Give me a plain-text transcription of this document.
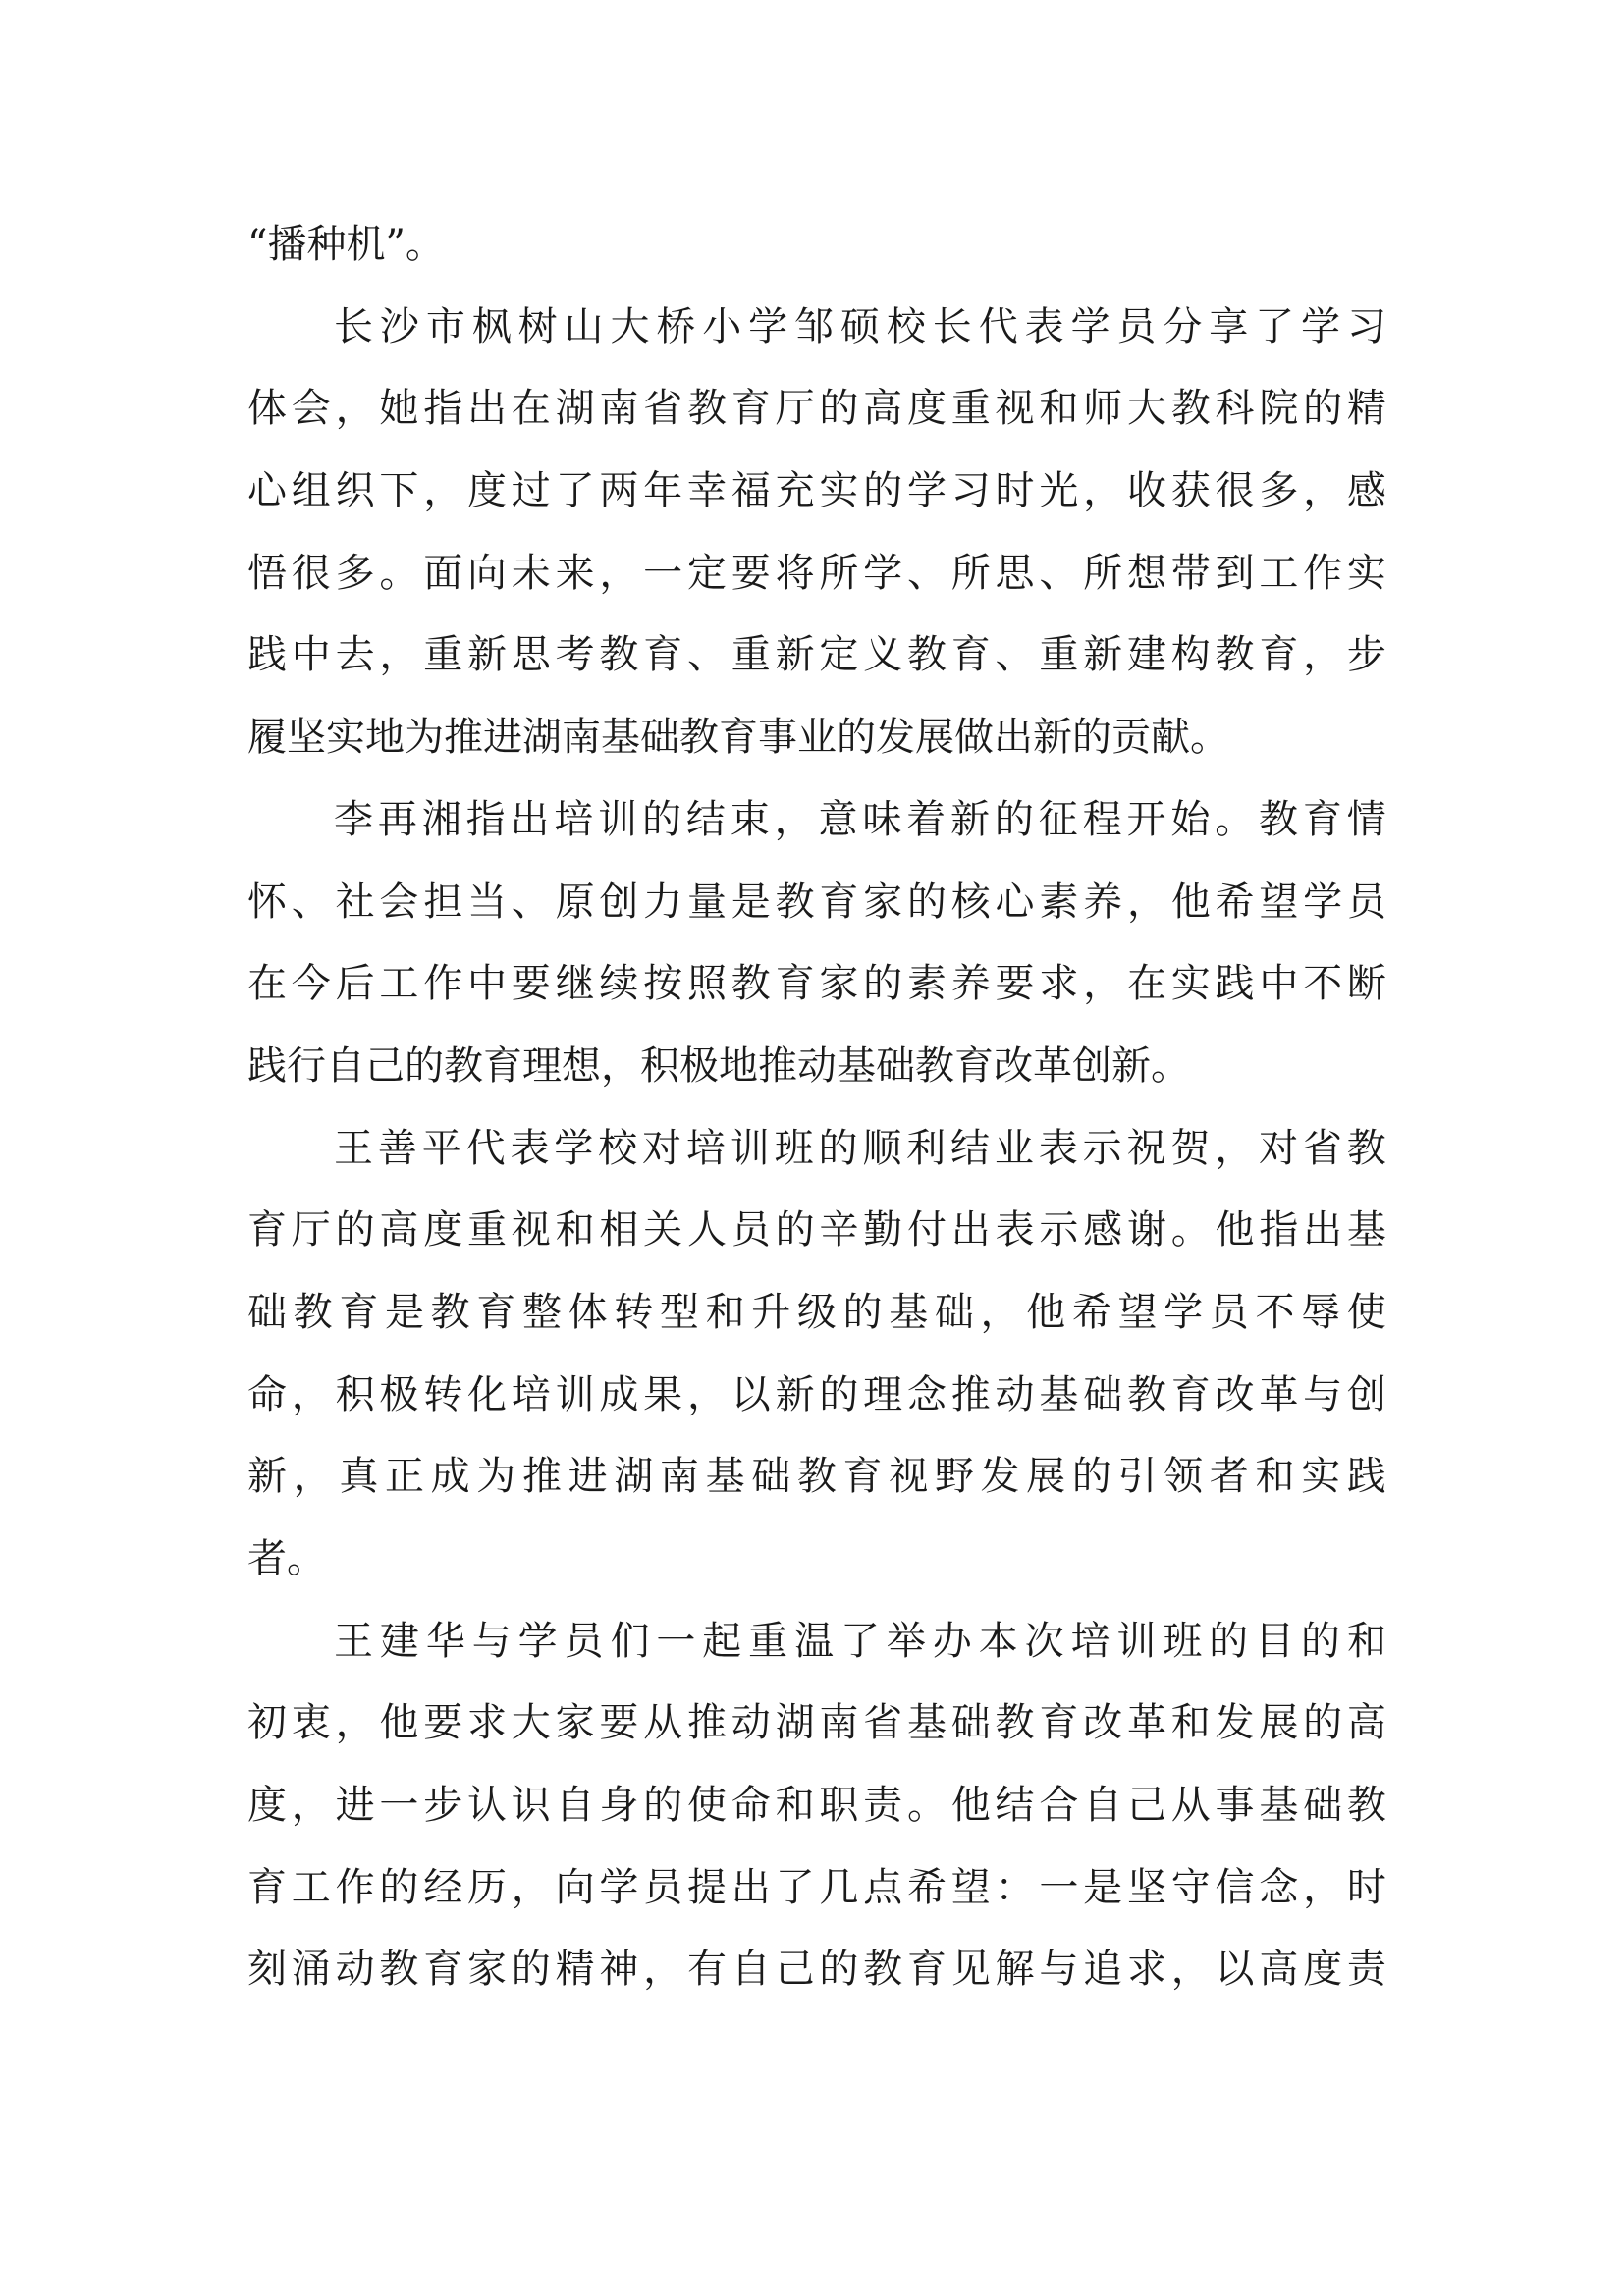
“ 播 种 机 ” 。
长 沙 市 枫 树 山 大 桥 小 学 邹 硕 校 长 代 表 学 员 分 享 了 学 习
体 会 ， 她 指 出 在 湖 南 省 教 育 厅 的 高 度 重 视 和 师 大 教 科 院 的 精
心 组 织 下 ， 度 过 了 两 年 幸 福 充 实 的 学 习 时 光 ， 收 获 很 多 ， 感
悟 很 多 。 面 向 未 来 ， 一 定 要 将 所 学 、 所 思 、 所 想 带 到 工 作 实
践 中 去 ， 重 新 思 考 教 育 、 重 新 定 义 教 育 、 重 新 建 构 教 育 ， 步
履 坚 实 地 为 推 进 湖 南 基 础 教 育 事 业 的 发 展 做 出 新 的 贡 献 。
李 再 湘 指 出 培 训 的 结 束 ， 意 味 着 新 的 征 程 开 始 。 教 育 情
怀 、 社 会 担 当 、 原 创 力 量 是 教 育 家 的 核 心 素 养 ， 他 希 望 学 员
在 今 后 工 作 中 要 继 续 按 照 教 育 家 的 素 养 要 求 ， 在 实 践 中 不 断
践 行 自 己 的 教 育 理 想 ， 积 极 地 推 动 基 础 教 育 改 革 创 新 。
王 善 平 代 表 学 校 对 培 训 班 的 顺 利 结 业 表 示 祝 贺 ， 对 省 教
育 厅 的 高 度 重 视 和 相 关 人 员 的 辛 勤 付 出 表 示 感 谢 。 他 指 出 基
础 教 育 是 教 育 整 体 转 型 和 升 级 的 基 础 ， 他 希 望 学 员 不 辱 使
命 ， 积 极 转 化 培 训 成 果 ， 以 新 的 理 念 推 动 基 础 教 育 改 革 与 创
新 ， 真 正 成 为 推 进 湖 南 基 础 教 育 视 野 发 展 的 引 领 者 和 实 践
者 。
王 建 华 与 学 员 们 一 起 重 温 了 举 办 本 次 培 训 班 的 目 的 和
初 衷 ， 他 要 求 大 家 要 从 推 动 湖 南 省 基 础 教 育 改 革 和 发 展 的 高
度 ， 进 一 步 认 识 自 身 的 使 命 和 职 责 。 他 结 合 自 己 从 事 基 础 教
育 工 作 的 经 历 ， 向 学 员 提 出 了 几 点 希 望 ： 一 是 坚 守 信 念 ， 时
刻 涌 动 教 育 家 的 精 神 ， 有 自 己 的 教 育 见 解 与 追 求 ， 以 高 度 责
